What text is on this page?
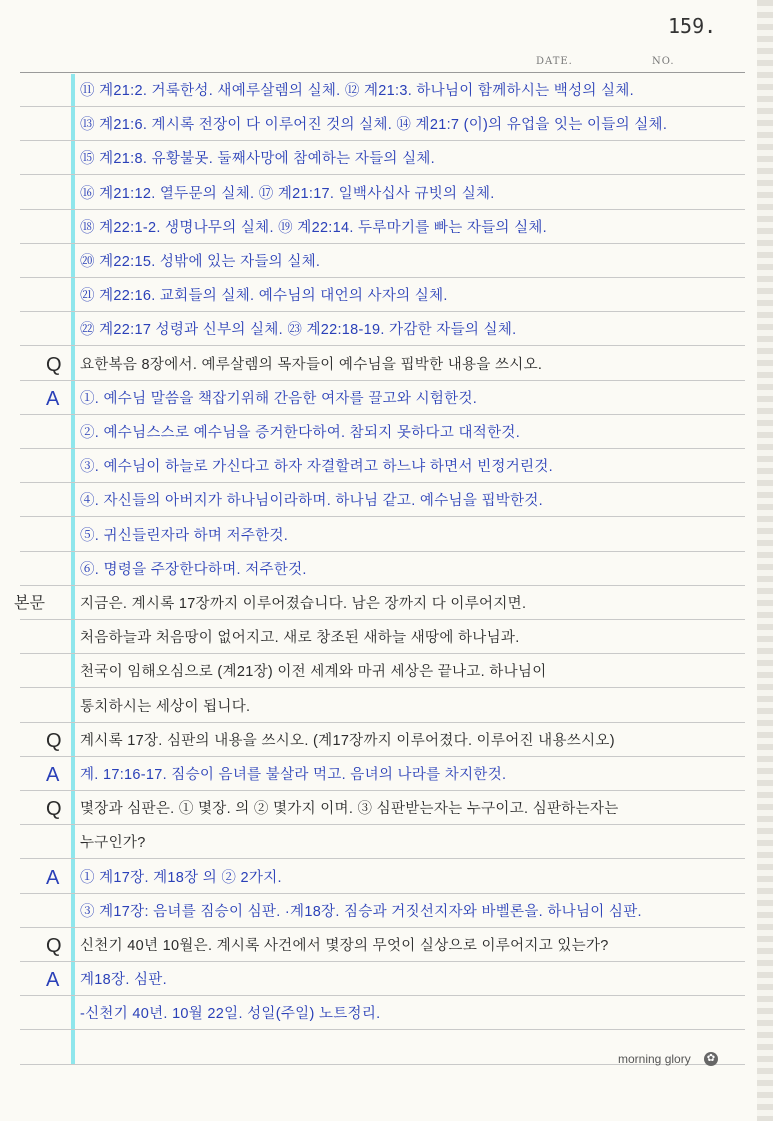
159.
DATE.	NO.
⑪ 계21:2. 거룩한성. 새예루살렘의 실체. ⑫ 계21:3. 하나님이 함께하시는 백성의 실체.
⑬ 계21:6. 계시록 전장이 다 이루어진 것의 실체. ⑭ 계21:7 (이)의 유업을 잇는 이들의 실체.
⑮ 계21:8. 유황불못. 둘째사망에 참예하는 자들의 실체.
⑯ 계21:12. 열두문의 실체. ⑰ 계21:17. 일백사십사 규빗의 실체.
⑱ 계22:1-2. 생명나무의 실체. ⑲ 계22:14. 두루마기를 빠는 자들의 실체.
⑳ 계22:15. 성밖에 있는 자들의 실체.
㉑ 계22:16. 교회들의 실체. 예수님의 대언의 사자의 실체.
㉒ 계22:17 성령과 신부의 실체. ㉓ 계22:18-19. 가감한 자들의 실체.
Q 요한복음 8장에서. 예루살렘의 목자들이 예수님을 핍박한 내용을 쓰시오.
A ①. 예수님 말씀을 책잡기위해 간음한 여자를 끌고와 시험한것.
②. 예수님스스로 예수님을 증거한다하여. 참되지 못하다고 대적한것.
③. 예수님이 하늘로 가신다고 하자 자결할려고 하느냐 하면서 빈정거린것.
④. 자신들의 아버지가 하나님이라하며. 하나님 같고. 예수님을 핍박한것.
⑤. 귀신들린자라 하며 저주한것.
⑥. 명령을 주장한다하며. 저주한것.
본문 지금은. 계시록 17장까지 이루어졌습니다. 남은 장까지 다 이루어지면.
처음하늘과 처음땅이 없어지고. 새로 창조된 새하늘 새땅에 하나님과.
천국이 임해오심으로 (계21장) 이전 세계와 마귀 세상은 끝나고. 하나님이
통치하시는 세상이 됩니다.
Q 계시록 17장. 심판의 내용을 쓰시오. (계17장까지 이루어졌다. 이루어진 내용쓰시오)
A 계. 17:16-17. 짐승이 음녀를 불살라 먹고. 음녀의 나라를 차지한것.
Q 몇장과 심판은. ① 몇장. 의 ② 몇가지 이며. ③ 심판받는자는 누구이고. 심판하는자는
누구인가?
A ① 계17장. 계18장 의 ② 2가지.
③ 계17장: 음녀를 짐승이 심판. ·계18장. 짐승과 거짓선지자와 바벨론을. 하나님이 심판.
Q 신천기 40년 10월은. 계시록 사건에서 몇장의 무엇이 실상으로 이루어지고 있는가?
A 계18장. 심판.
-신천기 40년. 10월 22일. 성일(주일) 노트정리.
morning glory ✿
